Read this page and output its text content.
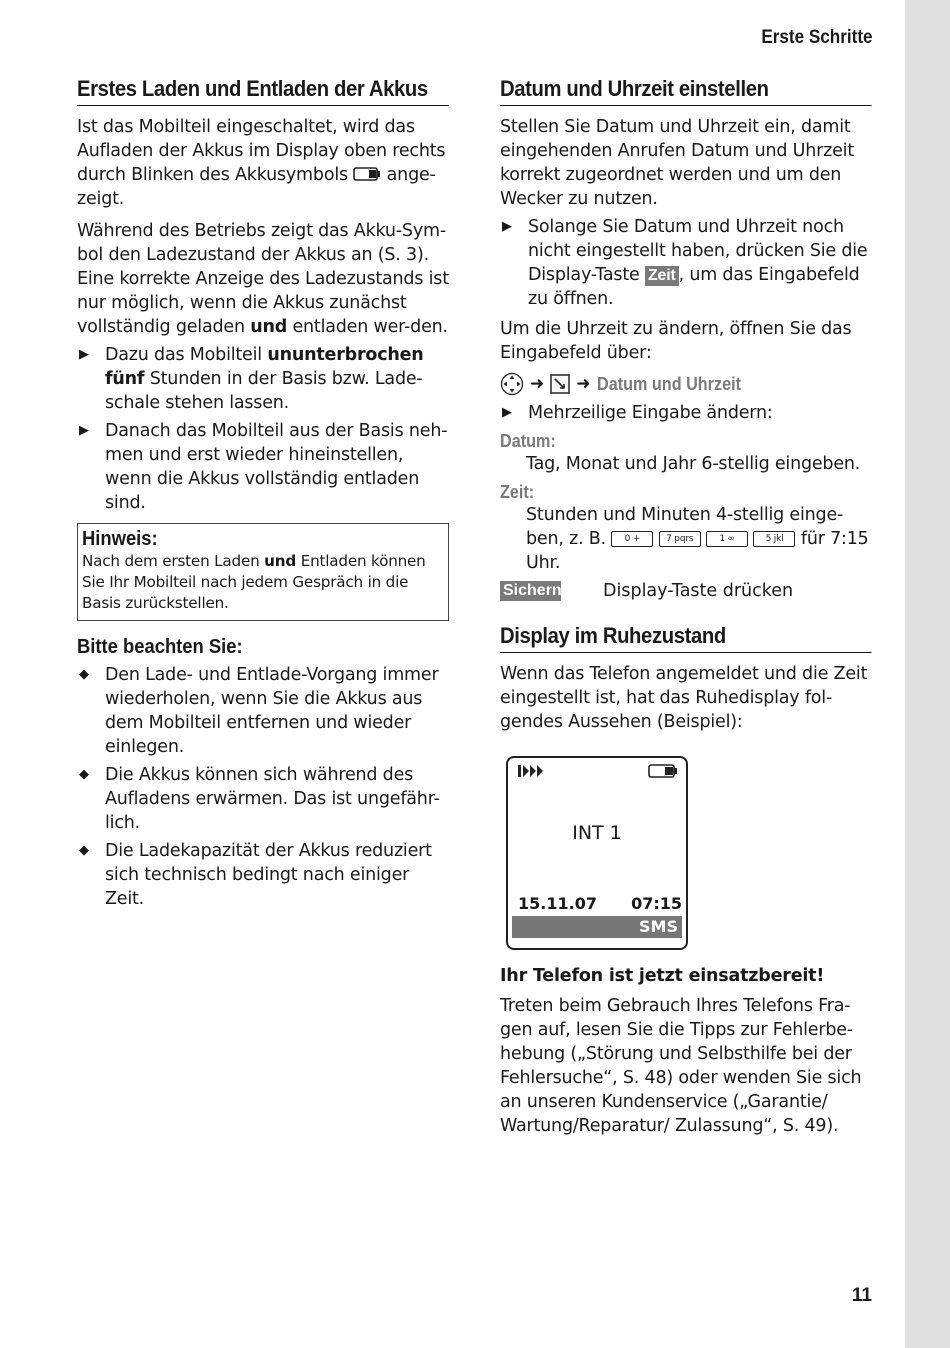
Erste Schritte
Erstes Laden und Entladen der Akkus

Ist das Mobilteil eingeschaltet, wird das Aufladen der Akkus im Display oben rechts durch Blinken des Akkusymbols ange-zeigt.

Während des Betriebs zeigt das Akku-Sym-bol den Ladezustand der Akkus an (S. 3). Eine korrekte Anzeige des Ladezustands ist nur möglich, wenn die Akkus zunächst vollständig geladen und entladen wer-den.

▶ Dazu das Mobilteil ununterbrochen fünf Stunden in der Basis bzw. Lade-schale stehen lassen.
▶ Danach das Mobilteil aus der Basis neh-men und erst wieder hineinstellen, wenn die Akkus vollständig entladen sind.
Hinweis:
Nach dem ersten Laden und Entladen können Sie Ihr Mobilteil nach jedem Gespräch in die Basis zurückstellen.
Bitte beachten Sie:
◆ Den Lade- und Entlade-Vorgang immer wiederholen, wenn Sie die Akkus aus dem Mobilteil entfernen und wieder einlegen.
◆ Die Akkus können sich während des Aufladens erwärmen. Das ist ungefähr-lich.
◆ Die Ladekapazität der Akkus reduziert sich technisch bedingt nach einiger Zeit.
Datum und Uhrzeit einstellen

Stellen Sie Datum und Uhrzeit ein, damit eingehenden Anrufen Datum und Uhrzeit korrekt zugeordnet werden und um den Wecker zu nutzen.

▶ Solange Sie Datum und Uhrzeit noch nicht eingestellt haben, drücken Sie die Display-Taste Zeit , um das Eingabefeld zu öffnen.

Um die Uhrzeit zu ändern, öffnen Sie das Eingabefeld über:

➜ ➜ Datum und Uhrzeit
▶ Mehrzeilige Eingabe ändern:
Datum:

Tag, Monat und Jahr 6-stellig eingeben.

Zeit:

Stunden und Minuten 4-stellig einge-ben, z. B. 0 +	7 pqrs	1 ∞	5 jkl für 7:15 Uhr.

Sichern Display-Taste drücken
Display im Ruhezustand

Wenn das Telefon angemeldet und die Zeit eingestellt ist, hat das Ruhedisplay fol-gendes Aussehen (Beispiel):

INT 1
15.11.07 07:15
SMS

Ihr Telefon ist jetzt einsatzbereit!

Treten beim Gebrauch Ihres Telefons Fra-gen auf, lesen Sie die Tipps zur Fehlerbe-hebung („Störung und Selbsthilfe bei der Fehlersuche“, S. 48) oder wenden Sie sich an unseren Kundenservice („Garantie/ Wartung/Reparatur/ Zulassung“, S. 49).

11
